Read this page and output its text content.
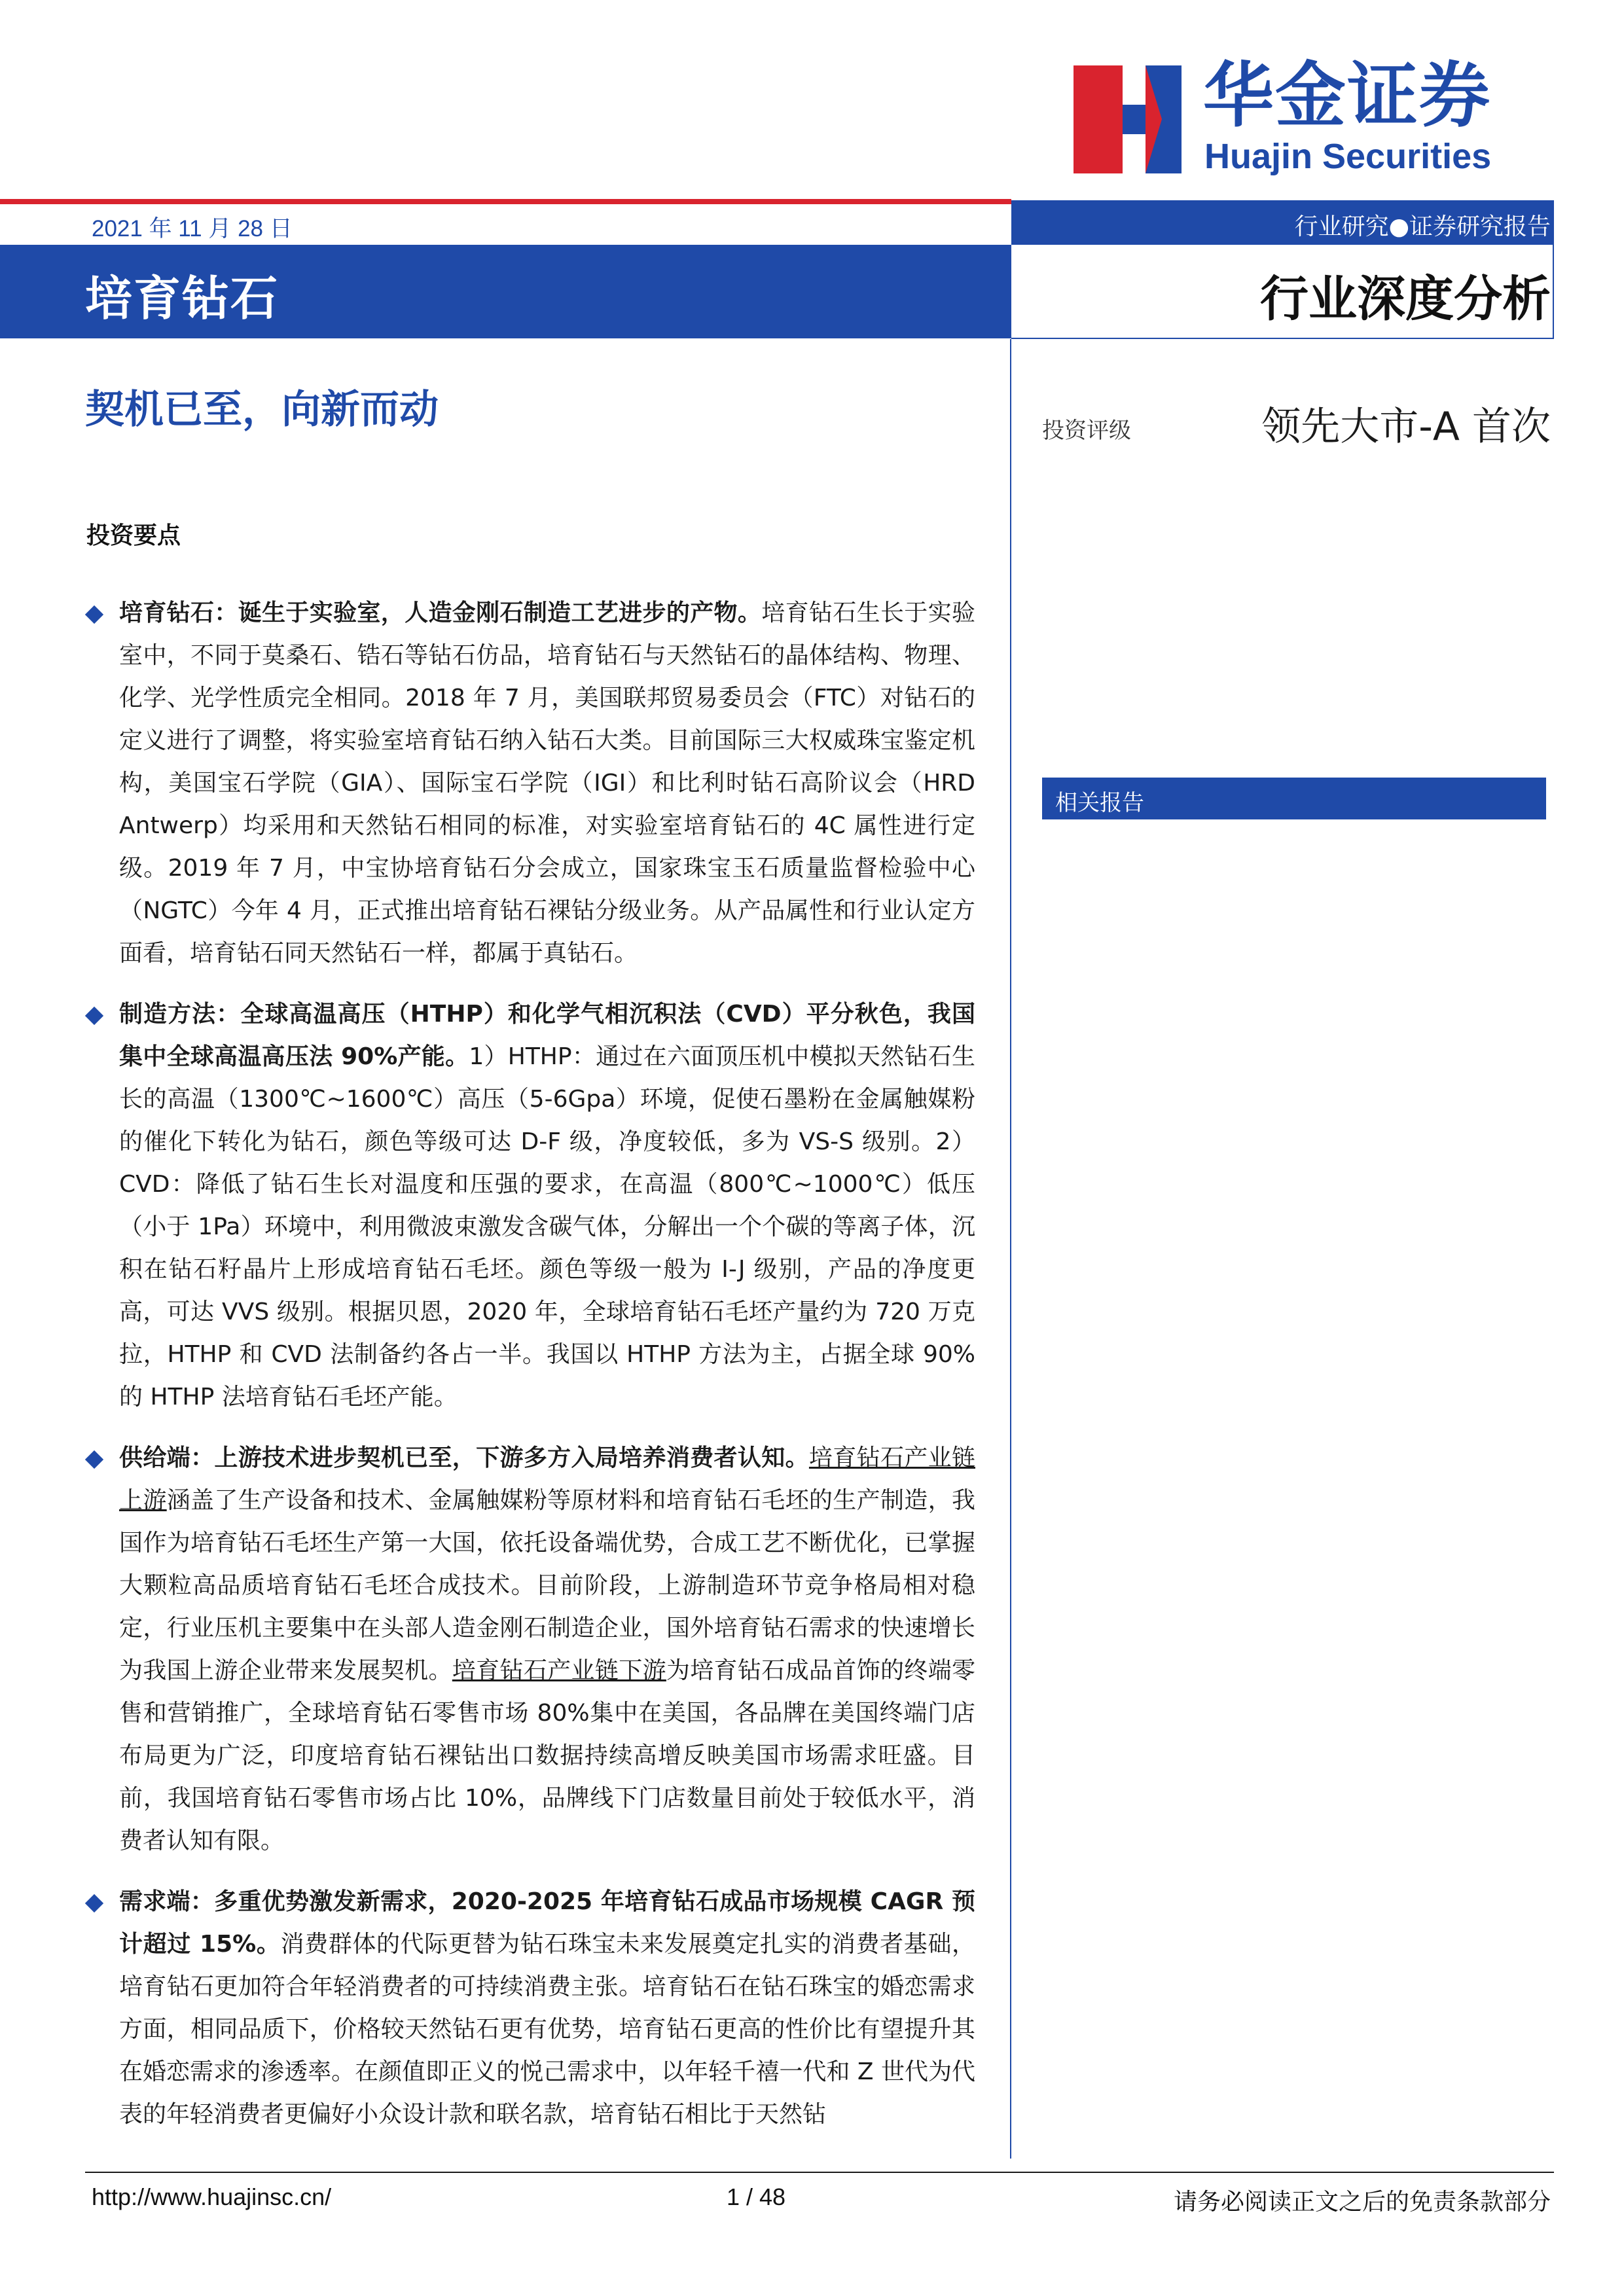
华金证券
Huajin Securities
2021 年 11 月 28 日
培育钻石
行业研究●证券研究报告
行业深度分析
契机已至，向新而动
投资要点
培育钻石：诞生于实验室，人造金刚石制造工艺进步的产物。培育钻石生长于实验室中，不同于莫桑石、锆石等钻石仿品，培育钻石与天然钻石的晶体结构、物理、化学、光学性质完全相同。2018 年 7 月，美国联邦贸易委员会（FTC）对钻石的定义进行了调整，将实验室培育钻石纳入钻石大类。目前国际三大权威珠宝鉴定机构，美国宝石学院（GIA）、国际宝石学院（IGI）和比利时钻石高阶议会（HRD Antwerp）均采用和天然钻石相同的标准，对实验室培育钻石的 4C 属性进行定级。2019 年 7 月，中宝协培育钻石分会成立，国家珠宝玉石质量监督检验中心（NGTC）今年 4 月，正式推出培育钻石裸钻分级业务。从产品属性和行业认定方面看，培育钻石同天然钻石一样，都属于真钻石。
制造方法：全球高温高压（HTHP）和化学气相沉积法（CVD）平分秋色，我国集中全球高温高压法 90%产能。1）HTHP：通过在六面顶压机中模拟天然钻石生长的高温（1300℃~1600℃）高压（5-6Gpa）环境，促使石墨粉在金属触媒粉的催化下转化为钻石，颜色等级可达 D-F 级，净度较低，多为 VS-S 级别。2）CVD：降低了钻石生长对温度和压强的要求，在高温（800℃~1000℃）低压（小于 1Pa）环境中，利用微波束激发含碳气体，分解出一个个碳的等离子体，沉积在钻石籽晶片上形成培育钻石毛坯。颜色等级一般为 I-J 级别，产品的净度更高，可达 VVS 级别。根据贝恩，2020 年，全球培育钻石毛坯产量约为 720 万克拉，HTHP 和 CVD 法制备约各占一半。我国以 HTHP 方法为主，占据全球 90%的 HTHP 法培育钻石毛坯产能。
供给端：上游技术进步契机已至，下游多方入局培养消费者认知。培育钻石产业链上游涵盖了生产设备和技术、金属触媒粉等原材料和培育钻石毛坯的生产制造，我国作为培育钻石毛坯生产第一大国，依托设备端优势，合成工艺不断优化，已掌握大颗粒高品质培育钻石毛坯合成技术。目前阶段，上游制造环节竞争格局相对稳定，行业压机主要集中在头部人造金刚石制造企业，国外培育钻石需求的快速增长为我国上游企业带来发展契机。培育钻石产业链下游为培育钻石成品首饰的终端零售和营销推广，全球培育钻石零售市场 80%集中在美国，各品牌在美国终端门店布局更为广泛，印度培育钻石裸钻出口数据持续高增反映美国市场需求旺盛。目前，我国培育钻石零售市场占比 10%，品牌线下门店数量目前处于较低水平，消费者认知有限。
需求端：多重优势激发新需求，2020-2025 年培育钻石成品市场规模 CAGR 预计超过 15%。消费群体的代际更替为钻石珠宝未来发展奠定扎实的消费者基础，培育钻石更加符合年轻消费者的可持续消费主张。培育钻石在钻石珠宝的婚恋需求方面，相同品质下，价格较天然钻石更有优势，培育钻石更高的性价比有望提升其在婚恋需求的渗透率。在颜值即正义的悦己需求中，以年轻千禧一代和 Z 世代为代表的年轻消费者更偏好小众设计款和联名款，培育钻石相比于天然钻
投资评级	领先大市-A 首次
相关报告
http://www.huajinsc.cn/	1 / 48	请务必阅读正文之后的免责条款部分
